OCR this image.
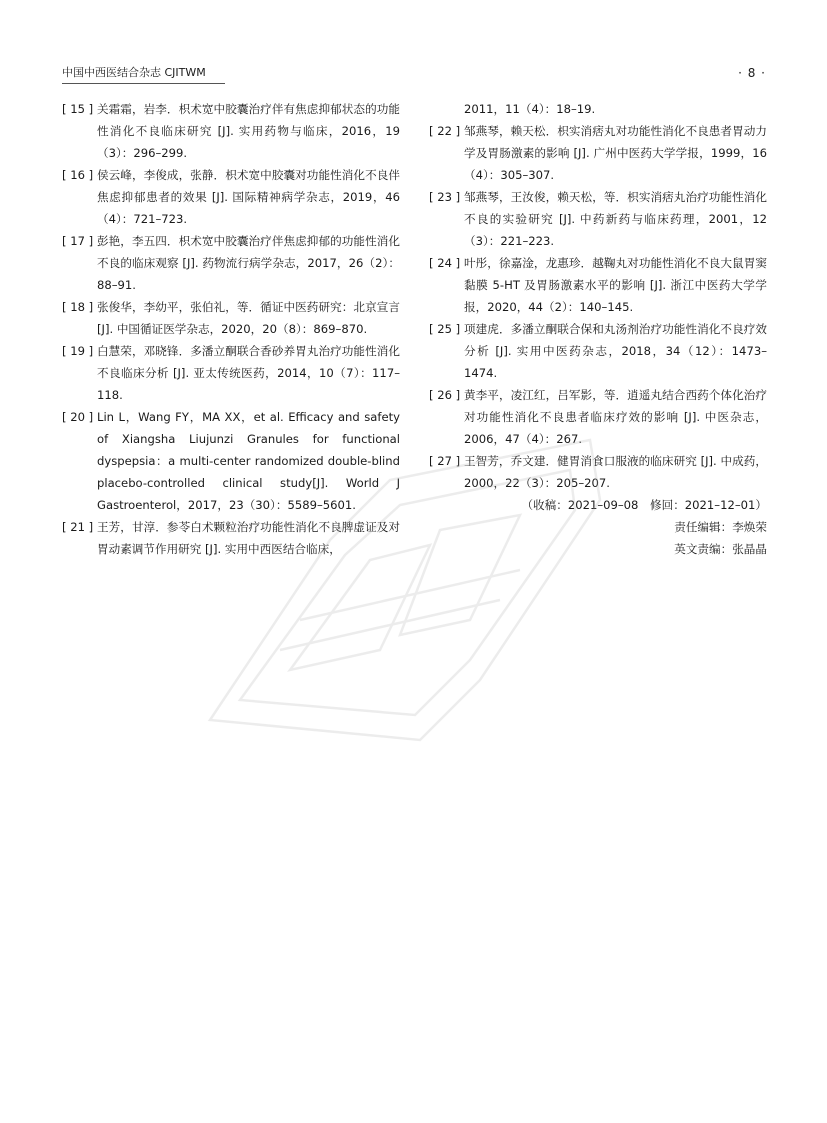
中国中西医结合杂志 CJITWM	· 8 ·
[ 15 ] 关霜霜，岩李．枳术宽中胶囊治疗伴有焦虑抑郁状态的功能性消化不良临床研究 [J]. 实用药物与临床，2016，19（3）：296–299.
[ 16 ] 侯云峰，李俊成，张静．枳术宽中胶囊对功能性消化不良伴焦虑抑郁患者的效果 [J]. 国际精神病学杂志，2019，46（4）：721–723.
[ 17 ] 彭艳，李五四．枳术宽中胶囊治疗伴焦虑抑郁的功能性消化不良的临床观察 [J]. 药物流行病学杂志，2017，26（2）：88–91.
[ 18 ] 张俊华，李幼平，张伯礼，等．循证中医药研究：北京宣言 [J]. 中国循证医学杂志，2020，20（8）：869–870.
[ 19 ] 白慧荣，邓晓锋．多潘立酮联合香砂养胃丸治疗功能性消化不良临床分析 [J]. 亚太传统医药，2014，10（7）：117–118.
[ 20 ] Lin L，Wang FY，MA XX，et al. Efficacy and safety of Xiangsha Liujunzi Granules for functional dyspepsia：a multi-center randomized double-blind placebo-controlled clinical study[J]. World J Gastroenterol，2017，23（30）：5589–5601.
[ 21 ] 王芳，甘淳．参苓白术颗粒治疗功能性消化不良脾虚证及对胃动素调节作用研究 [J]. 实用中西医结合临床，
2011，11（4）：18–19.
[ 22 ] 邹燕琴，赖天松．枳实消痞丸对功能性消化不良患者胃动力学及胃肠激素的影响 [J]. 广州中医药大学学报，1999，16（4）：305–307.
[ 23 ] 邹燕琴，王汝俊，赖天松，等．枳实消痞丸治疗功能性消化不良的实验研究 [J]. 中药新药与临床药理，2001，12（3）：221–223.
[ 24 ] 叶彤，徐嘉淦，龙惠珍．越鞠丸对功能性消化不良大鼠胃窦黏膜 5-HT 及胃肠激素水平的影响 [J]. 浙江中医药大学学报，2020，44（2）：140–145.
[ 25 ] 项建虎．多潘立酮联合保和丸汤剂治疗功能性消化不良疗效分析 [J]. 实用中医药杂志，2018，34（12）：1473–1474.
[ 26 ] 黄李平，凌江红，吕军影，等．逍遥丸结合西药个体化治疗对功能性消化不良患者临床疗效的影响 [J]. 中医杂志，2006，47（4）：267.
[ 27 ] 王智芳，乔文建．健胃消食口服液的临床研究 [J]. 中成药，2000，22（3）：205–207.
（收稿：2021–09–08　修回：2021–12–01）
责任编辑：李焕荣
英文责编：张晶晶
